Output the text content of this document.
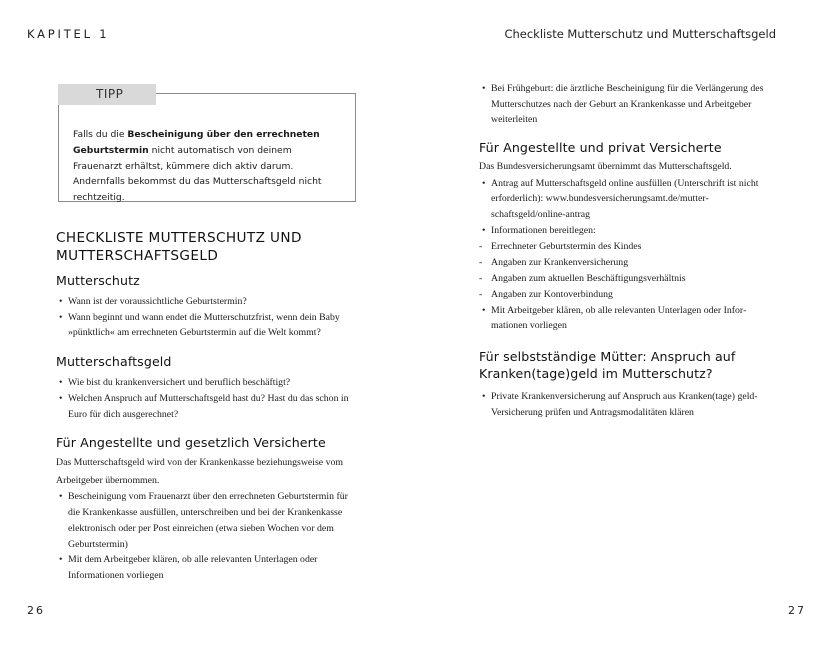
KAPITEL 1	Checkliste Mutterschutz und Mutterschaftsgeld
TIPP
Falls du die Bescheinigung über den errechneten Geburtstermin nicht automatisch von deinem Frauenarzt erhältst, kümmere dich aktiv darum. Andernfalls bekommst du das Mutterschaftsgeld nicht rechtzeitig.
CHECKLISTE MUTTERSCHUTZ UND MUTTERSCHAFTSGELD
Mutterschutz
• Wann ist der voraussichtliche Geburtstermin?
• Wann beginnt und wann endet die Mutterschutzfrist, wenn dein Baby »pünktlich« am errechneten Geburtstermin auf die Welt kommt?
Mutterschaftsgeld
• Wie bist du krankenversichert und beruflich beschäftigt?
• Welchen Anspruch auf Mutterschaftsgeld hast du? Hast du das schon in Euro für dich ausgerechnet?
Für Angestellte und gesetzlich Versicherte

Das Mutterschaftsgeld wird von der Krankenkasse beziehungsweise vom Arbeitgeber übernommen.

• Bescheinigung vom Frauenarzt über den errechneten Geburtstermin für die Krankenkasse ausfüllen, unterschreiben und bei der Krankenkasse elektronisch oder per Post einreichen (etwa sieben Wochen vor dem Geburtstermin)
• Mit dem Arbeitgeber klären, ob alle relevanten Unterlagen oder Informationen vorliegen
• Bei Frühgeburt: die ärztliche Bescheinigung für die Verlängerung des Mutterschutzes nach der Geburt an Krankenkasse und Arbeitgeber weiterleiten
Für Angestellte und privat Versicherte

Das Bundesversicherungsamt übernimmt das Mutterschaftsgeld.

• Antrag auf Mutterschaftsgeld online ausfüllen (Unterschrift ist nicht erforderlich): www.bundesversicherungsamt.de/mutterschaftsgeld/online-antrag
• Informationen bereitlegen:
- Errechneter Geburtstermin des Kindes
- Angaben zur Krankenversicherung
- Angaben zum aktuellen Beschäftigungsverhältnis
- Angaben zur Kontoverbindung
• Mit Arbeitgeber klären, ob alle relevanten Unterlagen oder Informationen vorliegen
Für selbstständige Mütter: Anspruch auf Kranken(tage)geld im Mutterschutz?
• Private Krankenversicherung auf Anspruch aus Kranken(tage) geld-Versicherung prüfen und Antragsmodalitäten klären
26	27
